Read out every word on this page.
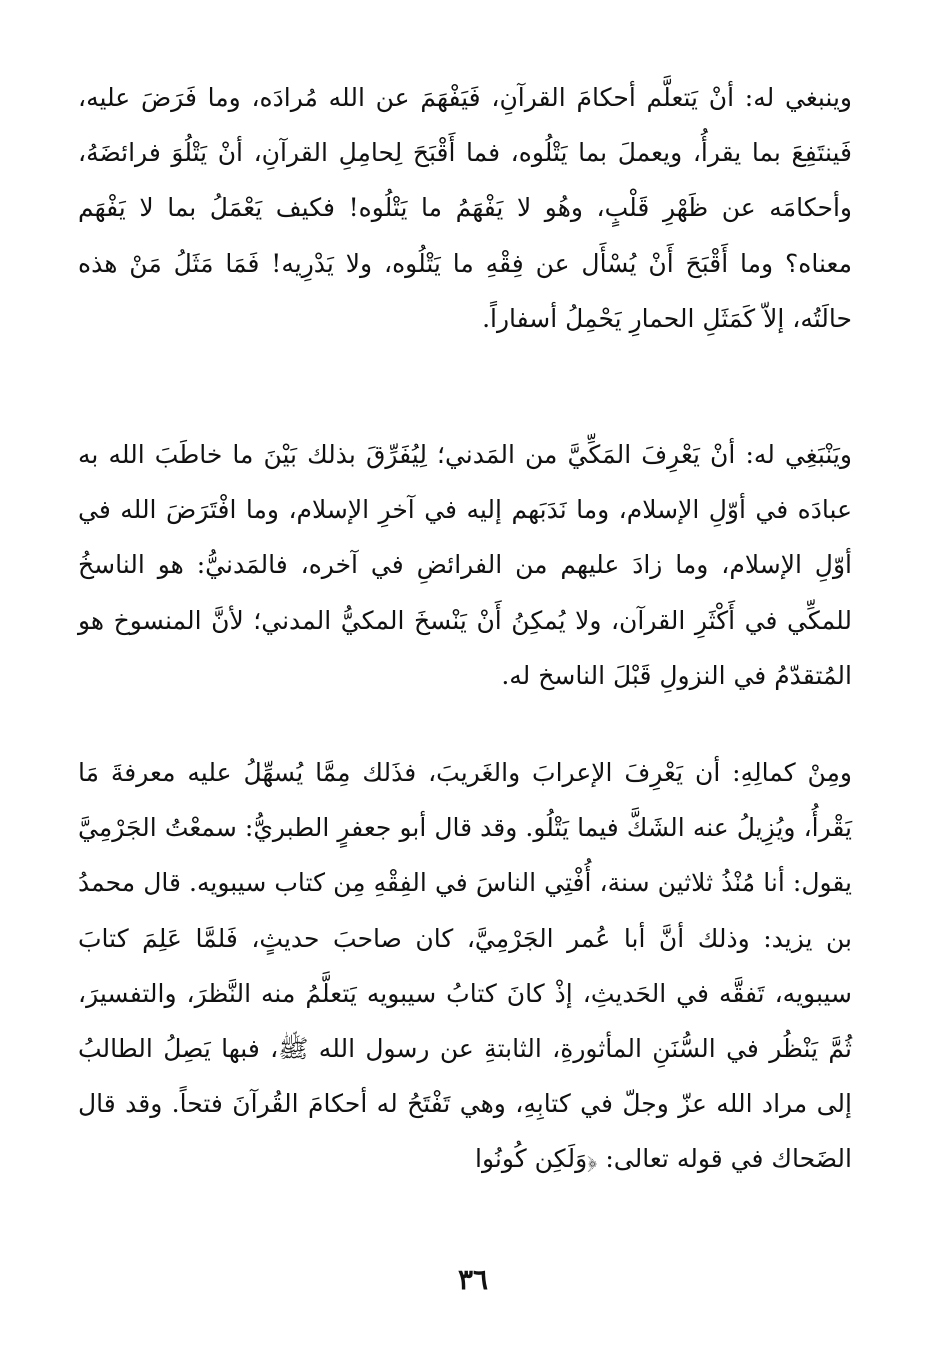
وينبغي له: أنْ يَتعلَّم أحكامَ القرآنِ، فَيَفْهَمَ عن الله مُرادَه، وما فَرَضَ عليه، فَينتَفِعَ بما يقرأُ، ويعملَ بما يَتْلُوه، فما أَقْبَحَ لِحامِلِ القرآنِ، أنْ يَتْلُوَ فرائضَهُ، وأحكامَه عن ظَهْرِ قَلْبٍ، وهُو لا يَفْهَمُ ما يَتْلُوه! فكيف يَعْمَلُ بما لا يَفْهَم معناه؟ وما أَقْبَحَ أَنْ يُسْأَل عن فِقْهِ ما يَتْلُوه، ولا يَدْرِيه! فَمَا مَثَلُ مَنْ هذه حالَتُه، إلاّ كَمَثَلِ الحمارِ يَحْمِلُ أسفاراً.

ويَنْبَغِي له: أنْ يَعْرِفَ المَكِّيَّ من المَدني؛ لِيُفَرِّقَ بذلك بَيْنَ ما خاطَبَ الله به عبادَه في أوّلِ الإسلام، وما نَدَبَهم إليه في آخرِ الإسلام، وما افْتَرَضَ الله في أوّلِ الإسلام، وما زادَ عليهم من الفرائضِ في آخره، فالمَدنيُّ: هو الناسخُ للمكِّي في أَكْثَرِ القرآن، ولا يُمكِنُ أَنْ يَنْسخَ المكيُّ المدني؛ لأنَّ المنسوخ هو المُتقدّمُ في النزولِ قَبْلَ الناسخ له.

ومِنْ كمالِهِ: أن يَعْرِفَ الإعرابَ والغَريبَ، فذَلك مِمَّا يُسهِّلُ عليه معرفةَ مَا يَقْرأُ، ويُزِيلُ عنه الشَكَّ فيما يَتْلُو. وقد قال أبو جعفرٍ الطبريُّ: سمعْتُ الجَرْمِيَّ يقول: أنا مُنْذُ ثلاثين سنة، أُفْتِي الناسَ في الفِقْهِ مِن كتاب سيبويه. قال محمدُ بن يزيد: وذلك أنَّ أبا عُمر الجَرْمِيَّ، كان صاحبَ حديثٍ، فَلمَّا عَلِمَ كتابَ سيبويه، تَفقَّه في الحَديثِ، إذْ كانَ كتابُ سيبويه يَتعلَّمُ منه النَّظرَ، والتفسيرَ، ثُمَّ يَنْظُر في السُّنَنِ المأثورةِ، الثابتةِ عن رسول الله ﷺ، فبها يَصِلُ الطالبُ إلى مراد الله عزّ وجلّ في كتابِهِ، وهي تَفْتَحُ له أحكامَ القُرآنَ فتحاً. وقد قال الضَحاك في قوله تعالى: ﴿وَلَكِن كُونُوا

٣٦
